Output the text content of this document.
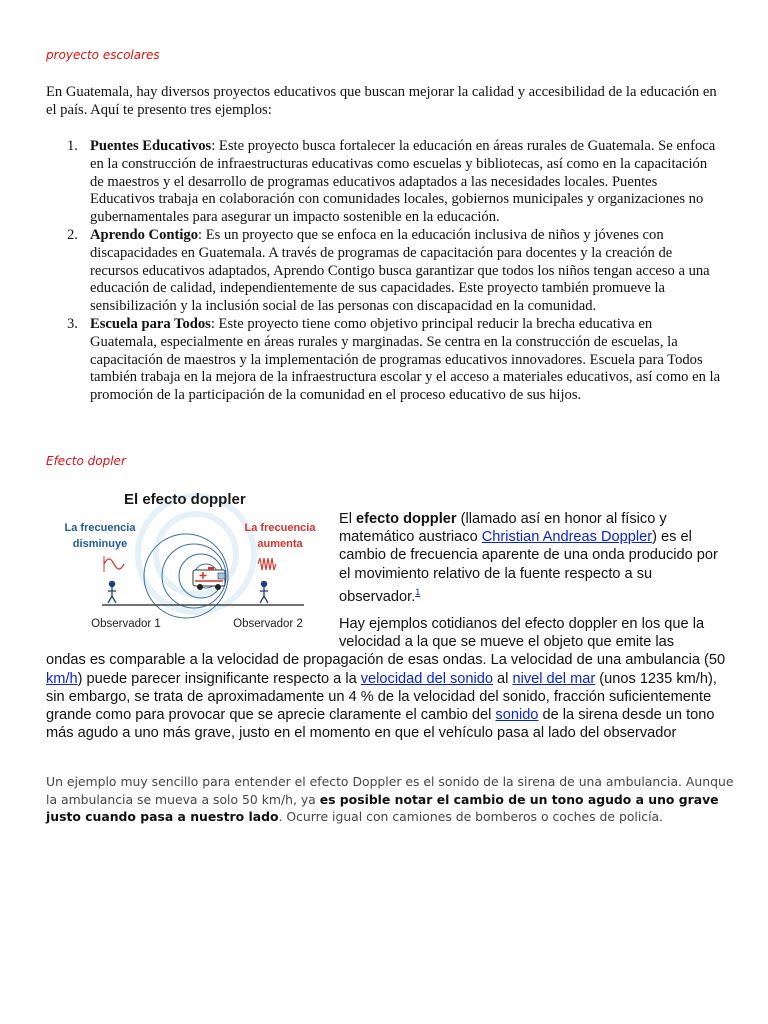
proyecto escolares

En Guatemala, hay diversos proyectos educativos que buscan mejorar la calidad y accesibilidad de la educación en el país. Aquí te presento tres ejemplos:

1. Puentes Educativos: Este proyecto busca fortalecer la educación en áreas rurales de Guatemala. Se enfoca en la construcción de infraestructuras educativas como escuelas y bibliotecas, así como en la capacitación de maestros y el desarrollo de programas educativos adaptados a las necesidades locales. Puentes Educativos trabaja en colaboración con comunidades locales, gobiernos municipales y organizaciones no gubernamentales para asegurar un impacto sostenible en la educación.
2. Aprendo Contigo: Es un proyecto que se enfoca en la educación inclusiva de niños y jóvenes con discapacidades en Guatemala. A través de programas de capacitación para docentes y la creación de recursos educativos adaptados, Aprendo Contigo busca garantizar que todos los niños tengan acceso a una educación de calidad, independientemente de sus capacidades. Este proyecto también promueve la sensibilización y la inclusión social de las personas con discapacidad en la comunidad.
3. Escuela para Todos: Este proyecto tiene como objetivo principal reducir la brecha educativa en Guatemala, especialmente en áreas rurales y marginadas. Se centra en la construcción de escuelas, la capacitación de maestros y la implementación de programas educativos innovadores. Escuela para Todos también trabaja en la mejora de la infraestructura escolar y el acceso a materiales educativos, así como en la promoción de la participación de la comunidad en el proceso educativo de sus hijos.
Efecto dopler
El efecto doppler
La frecuencia
disminuye
La frecuencia
aumenta
Observador 1	Observador 2

El efecto doppler (llamado así en honor al físico y matemático austriaco Christian Andreas Doppler) es el cambio de frecuencia aparente de una onda producido por el movimiento relativo de la fuente respecto a su observador.$^1$

Hay ejemplos cotidianos del efecto doppler en los que la velocidad a la que se mueve el objeto que emite las
ondas es comparable a la velocidad de propagación de esas ondas. La velocidad de una ambulancia (50 km/h) puede parecer insignificante respecto a la velocidad del sonido al nivel del mar (unos 1235 km/h), sin embargo, se trata de aproximadamente un 4 % de la velocidad del sonido, fracción suficientemente grande como para provocar que se aprecie claramente el cambio del sonido de la sirena desde un tono más agudo a uno más grave, justo en el momento en que el vehículo pasa al lado del observador

Un ejemplo muy sencillo para entender el efecto Doppler es el sonido de la sirena de una ambulancia. Aunque la ambulancia se mueva a solo 50 km/h, ya es posible notar el cambio de un tono agudo a uno grave justo cuando pasa a nuestro lado. Ocurre igual con camiones de bomberos o coches de policía.
